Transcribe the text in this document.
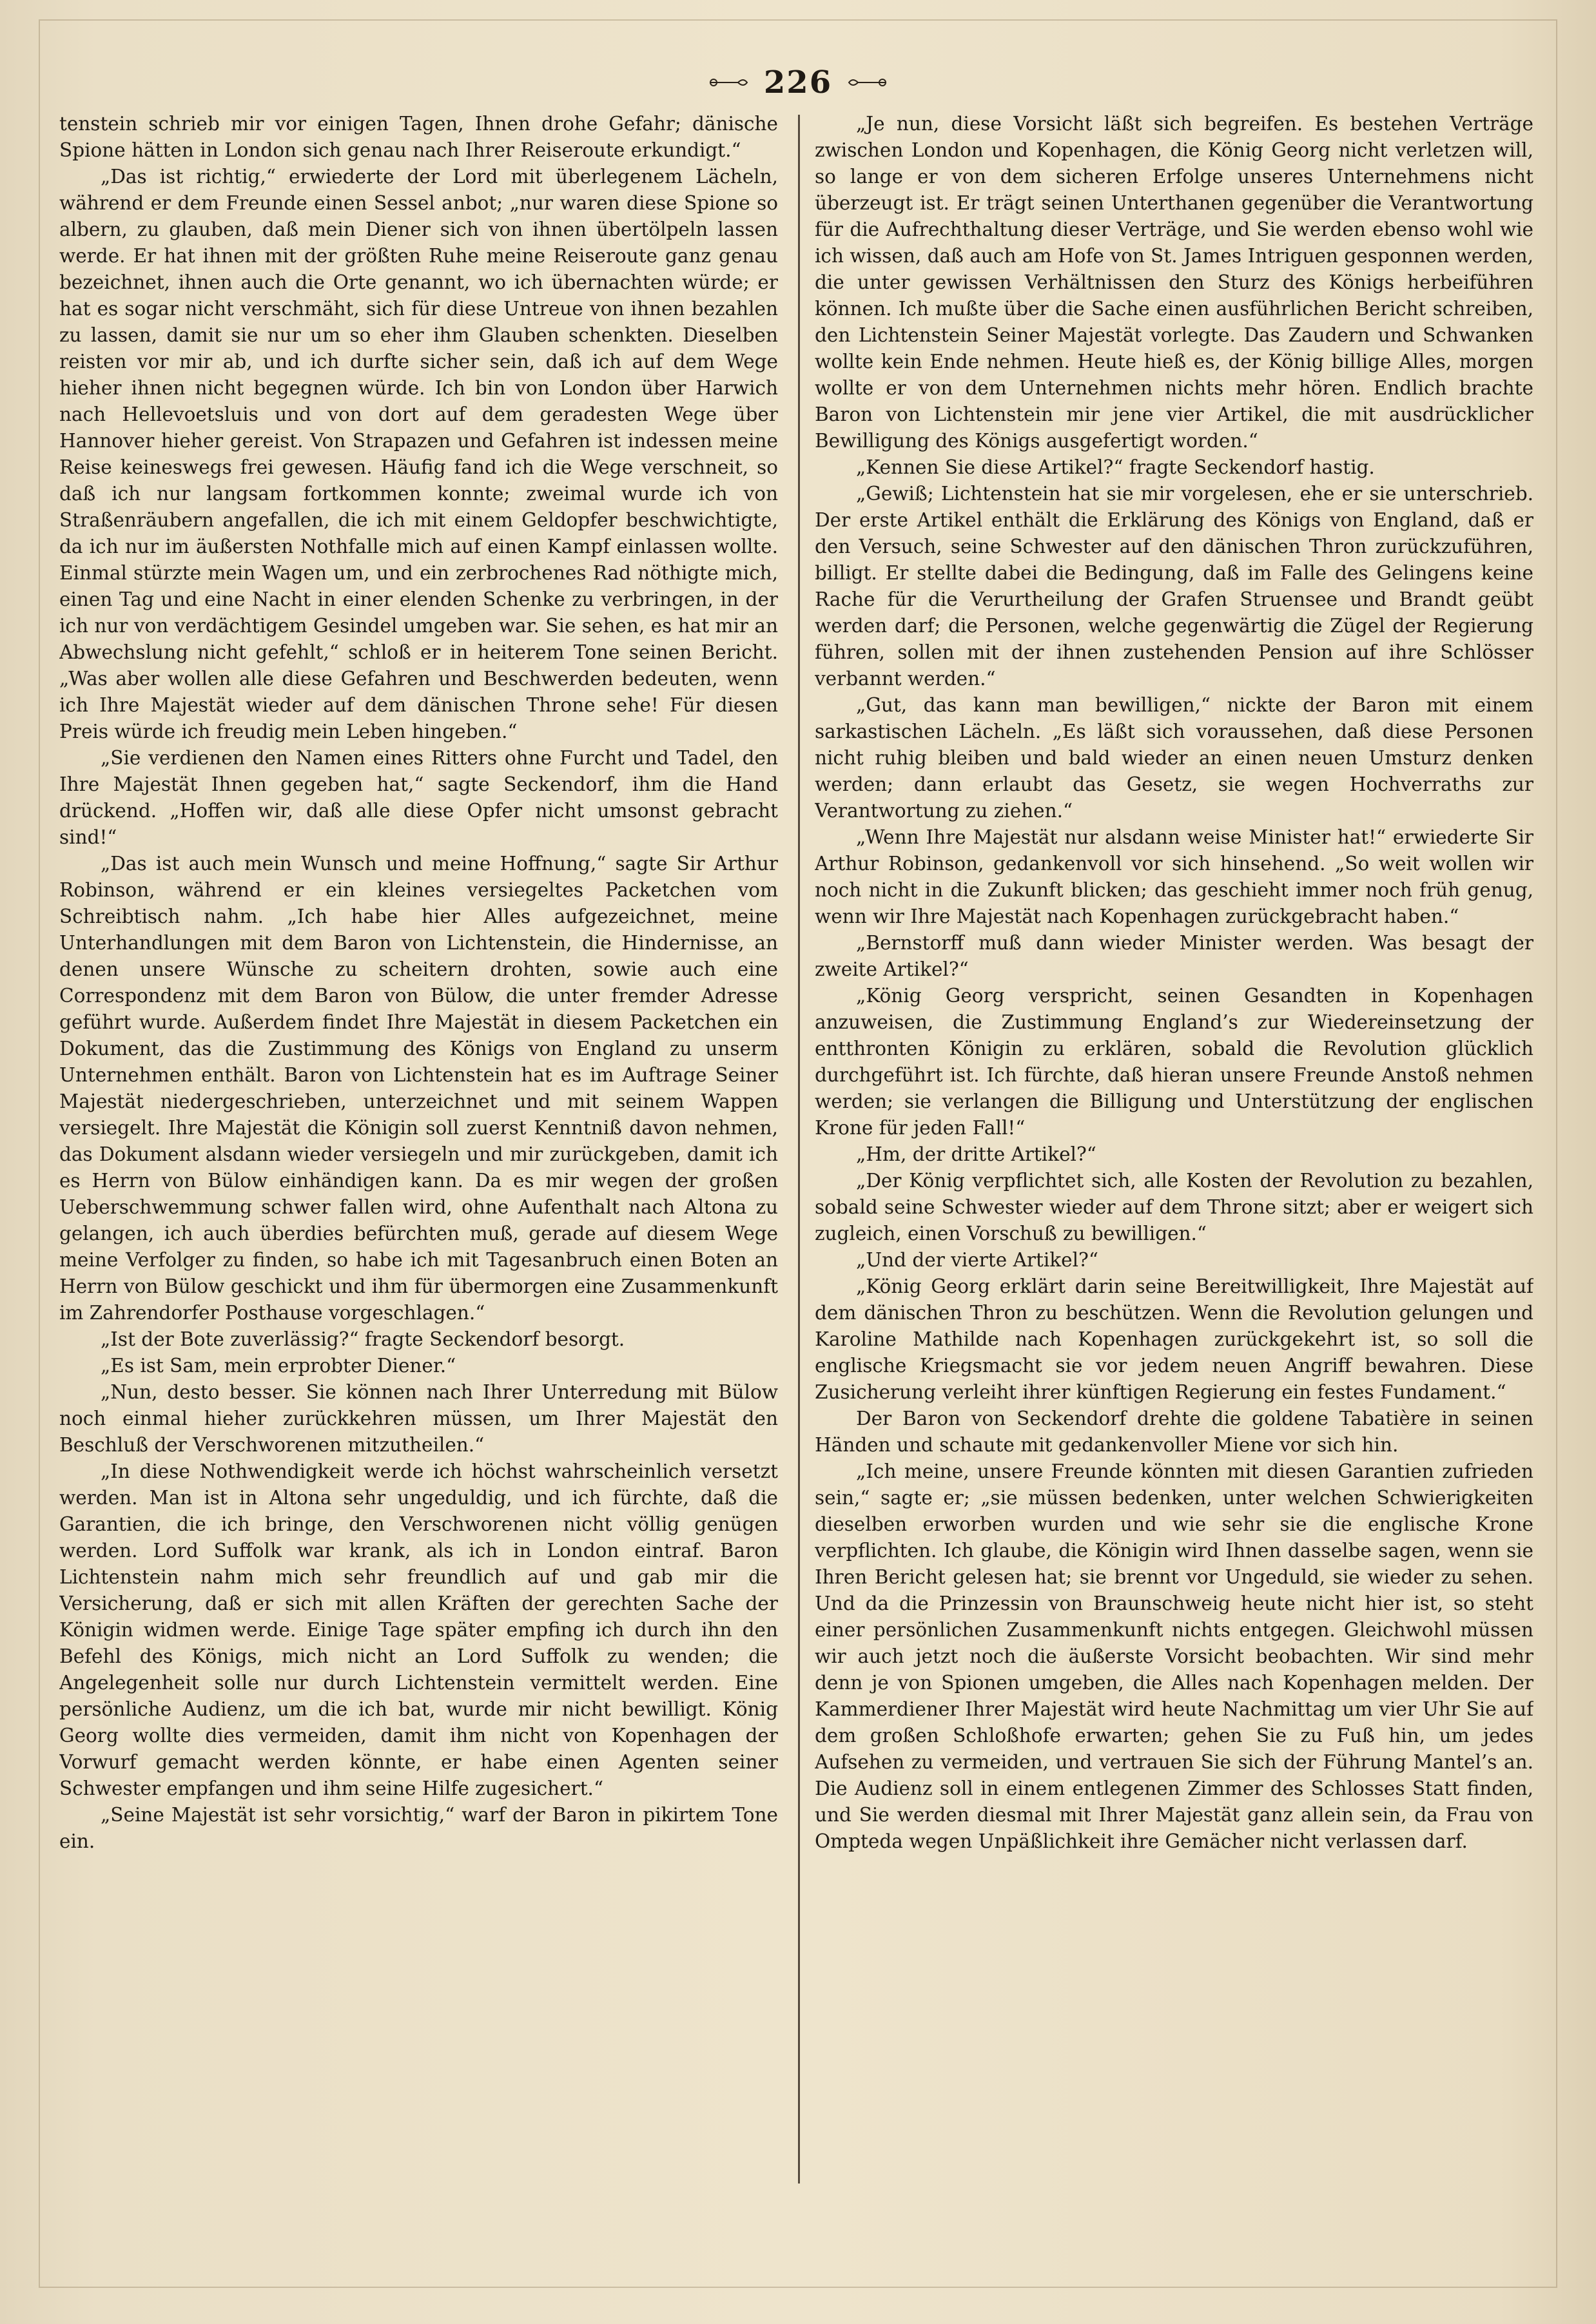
226

tenstein schrieb mir vor einigen Tagen, Ihnen drohe Gefahr; dänische Spione hätten in London sich genau nach Ihrer Reiseroute erkundigt.“

„Das ist richtig,“ erwiederte der Lord mit überlegenem Lächeln, während er dem Freunde einen Sessel anbot; „nur waren diese Spione so albern, zu glauben, daß mein Diener sich von ihnen übertölpeln lassen werde. Er hat ihnen mit der größten Ruhe meine Reiseroute ganz genau bezeichnet, ihnen auch die Orte genannt, wo ich übernachten würde; er hat es sogar nicht verschmäht, sich für diese Untreue von ihnen bezahlen zu lassen, damit sie nur um so eher ihm Glauben schenkten. Dieselben reisten vor mir ab, und ich durfte sicher sein, daß ich auf dem Wege hieher ihnen nicht begegnen würde. Ich bin von London über Harwich nach Hellevoetsluis und von dort auf dem geradesten Wege über Hannover hieher gereist. Von Strapazen und Gefahren ist indessen meine Reise keineswegs frei gewesen. Häufig fand ich die Wege verschneit, so daß ich nur langsam fortkommen konnte; zweimal wurde ich von Straßenräubern angefallen, die ich mit einem Geldopfer beschwichtigte, da ich nur im äußersten Nothfalle mich auf einen Kampf einlassen wollte. Einmal stürzte mein Wagen um, und ein zerbrochenes Rad nöthigte mich, einen Tag und eine Nacht in einer elenden Schenke zu verbringen, in der ich nur von verdächtigem Gesindel umgeben war. Sie sehen, es hat mir an Abwechslung nicht gefehlt,“ schloß er in heiterem Tone seinen Bericht. „Was aber wollen alle diese Gefahren und Beschwerden bedeuten, wenn ich Ihre Majestät wieder auf dem dänischen Throne sehe! Für diesen Preis würde ich freudig mein Leben hingeben.“

„Sie verdienen den Namen eines Ritters ohne Furcht und Tadel, den Ihre Majestät Ihnen gegeben hat,“ sagte Seckendorf, ihm die Hand drückend. „Hoffen wir, daß alle diese Opfer nicht umsonst gebracht sind!“

„Das ist auch mein Wunsch und meine Hoffnung,“ sagte Sir Arthur Robinson, während er ein kleines versiegeltes Packetchen vom Schreibtisch nahm. „Ich habe hier Alles aufgezeichnet, meine Unterhandlungen mit dem Baron von Lichtenstein, die Hindernisse, an denen unsere Wünsche zu scheitern drohten, sowie auch eine Correspondenz mit dem Baron von Bülow, die unter fremder Adresse geführt wurde. Außerdem findet Ihre Majestät in diesem Packetchen ein Dokument, das die Zustimmung des Königs von England zu unserm Unternehmen enthält. Baron von Lichtenstein hat es im Auftrage Seiner Majestät niedergeschrieben, unterzeichnet und mit seinem Wappen versiegelt. Ihre Majestät die Königin soll zuerst Kenntniß davon nehmen, das Dokument alsdann wieder versiegeln und mir zurückgeben, damit ich es Herrn von Bülow einhändigen kann. Da es mir wegen der großen Ueberschwemmung schwer fallen wird, ohne Aufenthalt nach Altona zu gelangen, ich auch überdies befürchten muß, gerade auf diesem Wege meine Verfolger zu finden, so habe ich mit Tagesanbruch einen Boten an Herrn von Bülow geschickt und ihm für übermorgen eine Zusammenkunft im Zahrendorfer Posthause vorgeschlagen.“

„Ist der Bote zuverlässig?“ fragte Seckendorf besorgt.

„Es ist Sam, mein erprobter Diener.“

„Nun, desto besser. Sie können nach Ihrer Unterredung mit Bülow noch einmal hieher zurückkehren müssen, um Ihrer Majestät den Beschluß der Verschworenen mitzutheilen.“

„In diese Nothwendigkeit werde ich höchst wahrscheinlich versetzt werden. Man ist in Altona sehr ungeduldig, und ich fürchte, daß die Garantien, die ich bringe, den Verschworenen nicht völlig genügen werden. Lord Suffolk war krank, als ich in London eintraf. Baron Lichtenstein nahm mich sehr freundlich auf und gab mir die Versicherung, daß er sich mit allen Kräften der gerechten Sache der Königin widmen werde. Einige Tage später empfing ich durch ihn den Befehl des Königs, mich nicht an Lord Suffolk zu wenden; die Angelegenheit solle nur durch Lichtenstein vermittelt werden. Eine persönliche Audienz, um die ich bat, wurde mir nicht bewilligt. König Georg wollte dies vermeiden, damit ihm nicht von Kopenhagen der Vorwurf gemacht werden könnte, er habe einen Agenten seiner Schwester empfangen und ihm seine Hilfe zugesichert.“

„Seine Majestät ist sehr vorsichtig,“ warf der Baron in pikirtem Tone ein.

„Je nun, diese Vorsicht läßt sich begreifen. Es bestehen Verträge zwischen London und Kopenhagen, die König Georg nicht verletzen will, so lange er von dem sicheren Erfolge unseres Unternehmens nicht überzeugt ist. Er trägt seinen Unterthanen gegenüber die Verantwortung für die Aufrechthaltung dieser Verträge, und Sie werden ebenso wohl wie ich wissen, daß auch am Hofe von St. James Intriguen gesponnen werden, die unter gewissen Verhältnissen den Sturz des Königs herbeiführen können. Ich mußte über die Sache einen ausführlichen Bericht schreiben, den Lichtenstein Seiner Majestät vorlegte. Das Zaudern und Schwanken wollte kein Ende nehmen. Heute hieß es, der König billige Alles, morgen wollte er von dem Unternehmen nichts mehr hören. Endlich brachte Baron von Lichtenstein mir jene vier Artikel, die mit ausdrücklicher Bewilligung des Königs ausgefertigt worden.“

„Kennen Sie diese Artikel?“ fragte Seckendorf hastig.

„Gewiß; Lichtenstein hat sie mir vorgelesen, ehe er sie unterschrieb. Der erste Artikel enthält die Erklärung des Königs von England, daß er den Versuch, seine Schwester auf den dänischen Thron zurückzuführen, billigt. Er stellte dabei die Bedingung, daß im Falle des Gelingens keine Rache für die Verurtheilung der Grafen Struensee und Brandt geübt werden darf; die Personen, welche gegenwärtig die Zügel der Regierung führen, sollen mit der ihnen zustehenden Pension auf ihre Schlösser verbannt werden.“

„Gut, das kann man bewilligen,“ nickte der Baron mit einem sarkastischen Lächeln. „Es läßt sich voraussehen, daß diese Personen nicht ruhig bleiben und bald wieder an einen neuen Umsturz denken werden; dann erlaubt das Gesetz, sie wegen Hochverraths zur Verantwortung zu ziehen.“

„Wenn Ihre Majestät nur alsdann weise Minister hat!“ erwiederte Sir Arthur Robinson, gedankenvoll vor sich hinsehend. „So weit wollen wir noch nicht in die Zukunft blicken; das geschieht immer noch früh genug, wenn wir Ihre Majestät nach Kopenhagen zurückgebracht haben.“

„Bernstorff muß dann wieder Minister werden. Was besagt der zweite Artikel?“

„König Georg verspricht, seinen Gesandten in Kopenhagen anzuweisen, die Zustimmung England’s zur Wiedereinsetzung der entthronten Königin zu erklären, sobald die Revolution glücklich durchgeführt ist. Ich fürchte, daß hieran unsere Freunde Anstoß nehmen werden; sie verlangen die Billigung und Unterstützung der englischen Krone für jeden Fall!“

„Hm, der dritte Artikel?“

„Der König verpflichtet sich, alle Kosten der Revolution zu bezahlen, sobald seine Schwester wieder auf dem Throne sitzt; aber er weigert sich zugleich, einen Vorschuß zu bewilligen.“

„Und der vierte Artikel?“

„König Georg erklärt darin seine Bereitwilligkeit, Ihre Majestät auf dem dänischen Thron zu beschützen. Wenn die Revolution gelungen und Karoline Mathilde nach Kopenhagen zurückgekehrt ist, so soll die englische Kriegsmacht sie vor jedem neuen Angriff bewahren. Diese Zusicherung verleiht ihrer künftigen Regierung ein festes Fundament.“

Der Baron von Seckendorf drehte die goldene Tabatière in seinen Händen und schaute mit gedankenvoller Miene vor sich hin.

„Ich meine, unsere Freunde könnten mit diesen Garantien zufrieden sein,“ sagte er; „sie müssen bedenken, unter welchen Schwierigkeiten dieselben erworben wurden und wie sehr sie die englische Krone verpflichten. Ich glaube, die Königin wird Ihnen dasselbe sagen, wenn sie Ihren Bericht gelesen hat; sie brennt vor Ungeduld, sie wieder zu sehen. Und da die Prinzessin von Braunschweig heute nicht hier ist, so steht einer persönlichen Zusammenkunft nichts entgegen. Gleichwohl müssen wir auch jetzt noch die äußerste Vorsicht beobachten. Wir sind mehr denn je von Spionen umgeben, die Alles nach Kopenhagen melden. Der Kammerdiener Ihrer Majestät wird heute Nachmittag um vier Uhr Sie auf dem großen Schloßhofe erwarten; gehen Sie zu Fuß hin, um jedes Aufsehen zu vermeiden, und vertrauen Sie sich der Führung Mantel’s an. Die Audienz soll in einem entlegenen Zimmer des Schlosses Statt finden, und Sie werden diesmal mit Ihrer Majestät ganz allein sein, da Frau von Ompteda wegen Unpäßlichkeit ihre Gemächer nicht verlassen darf.
